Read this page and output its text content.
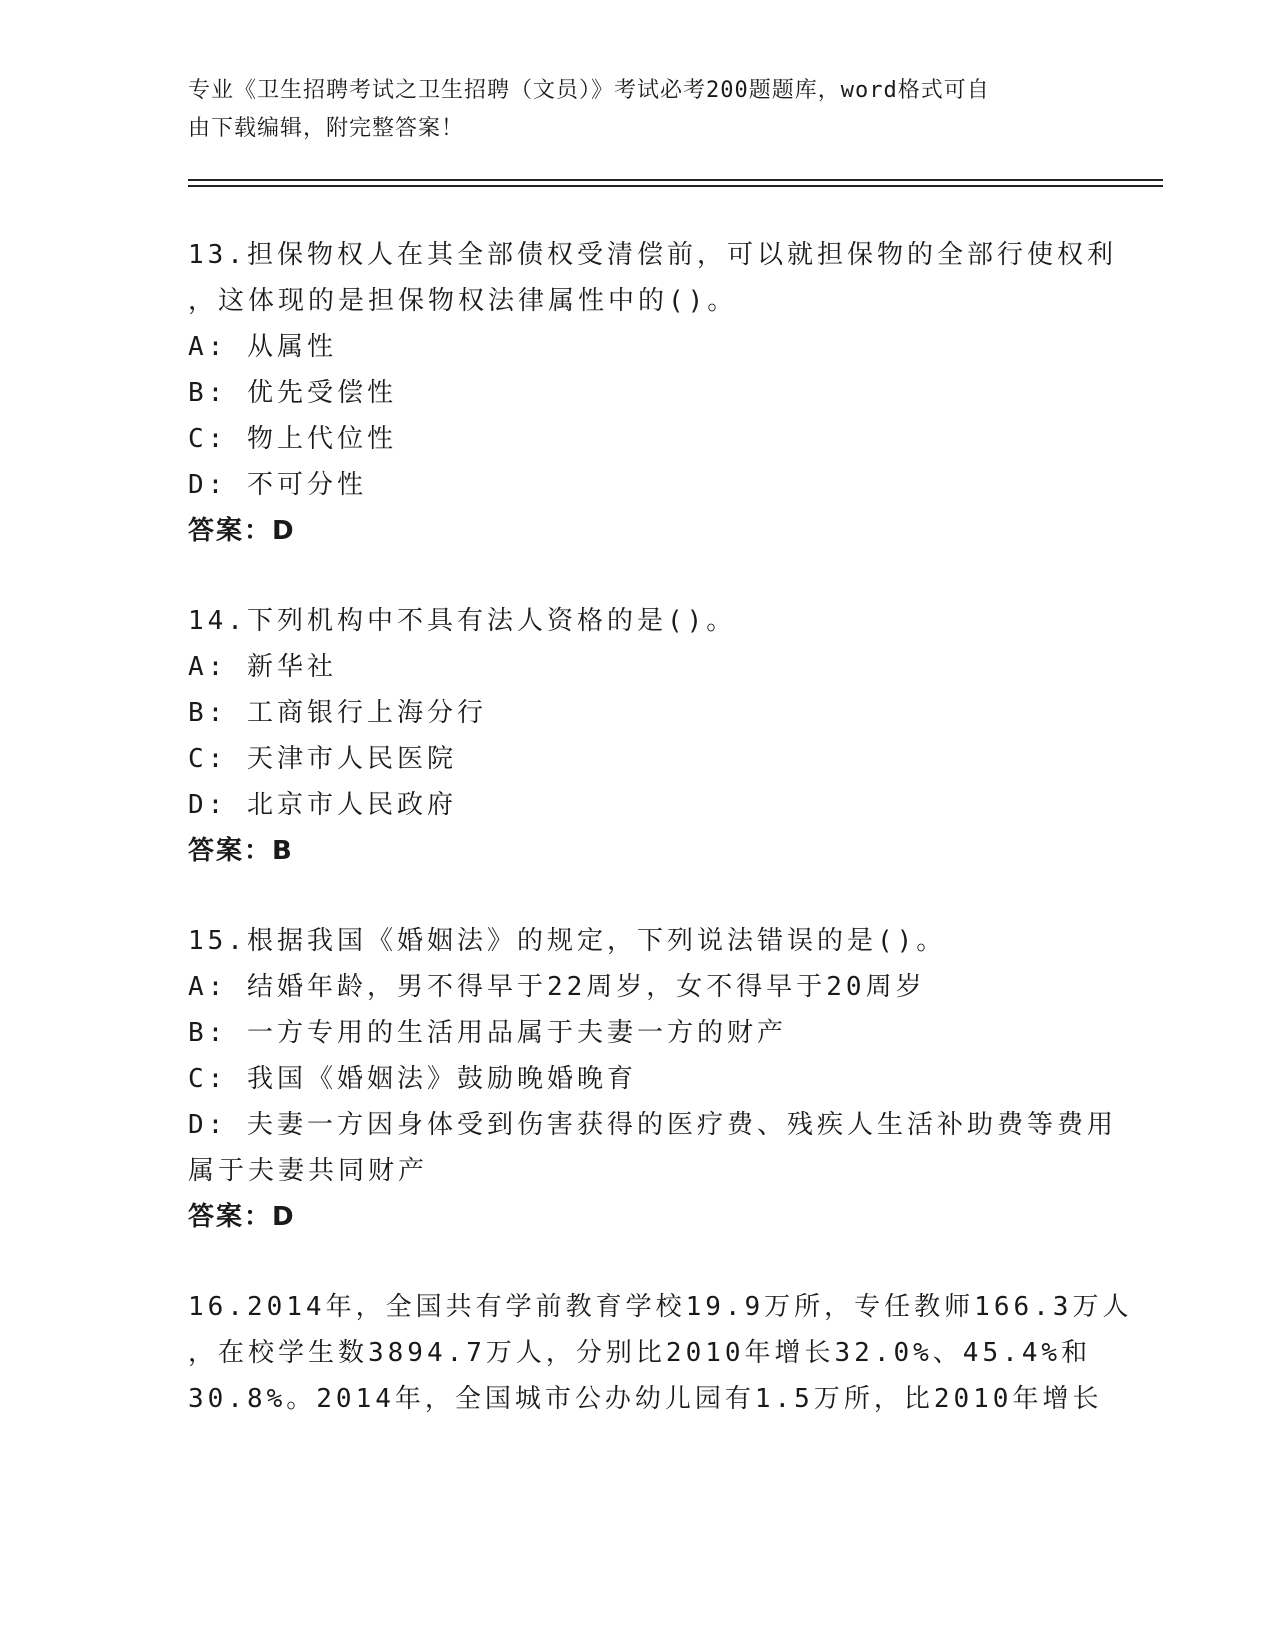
专业《卫生招聘考试之卫生招聘（文员）》考试必考200题题库，word格式可自
由下载编辑，附完整答案！
13.担保物权人在其全部债权受清偿前，可以就担保物的全部行使权利
，这体现的是担保物权法律属性中的()。
A: 从属性
B: 优先受偿性
C: 物上代位性
D: 不可分性
答案：D
14.下列机构中不具有法人资格的是()。
A: 新华社
B: 工商银行上海分行
C: 天津市人民医院
D: 北京市人民政府
答案：B
15.根据我国《婚姻法》的规定，下列说法错误的是()。
A: 结婚年龄，男不得早于22周岁，女不得早于20周岁
B: 一方专用的生活用品属于夫妻一方的财产
C: 我国《婚姻法》鼓励晚婚晚育
D: 夫妻一方因身体受到伤害获得的医疗费、残疾人生活补助费等费用
属于夫妻共同财产
答案：D
16.2014年，全国共有学前教育学校19.9万所，专任教师166.3万人
，在校学生数3894.7万人，分别比2010年增长32.0%、45.4%和
30.8%。2014年，全国城市公办幼儿园有1.5万所，比2010年增长
